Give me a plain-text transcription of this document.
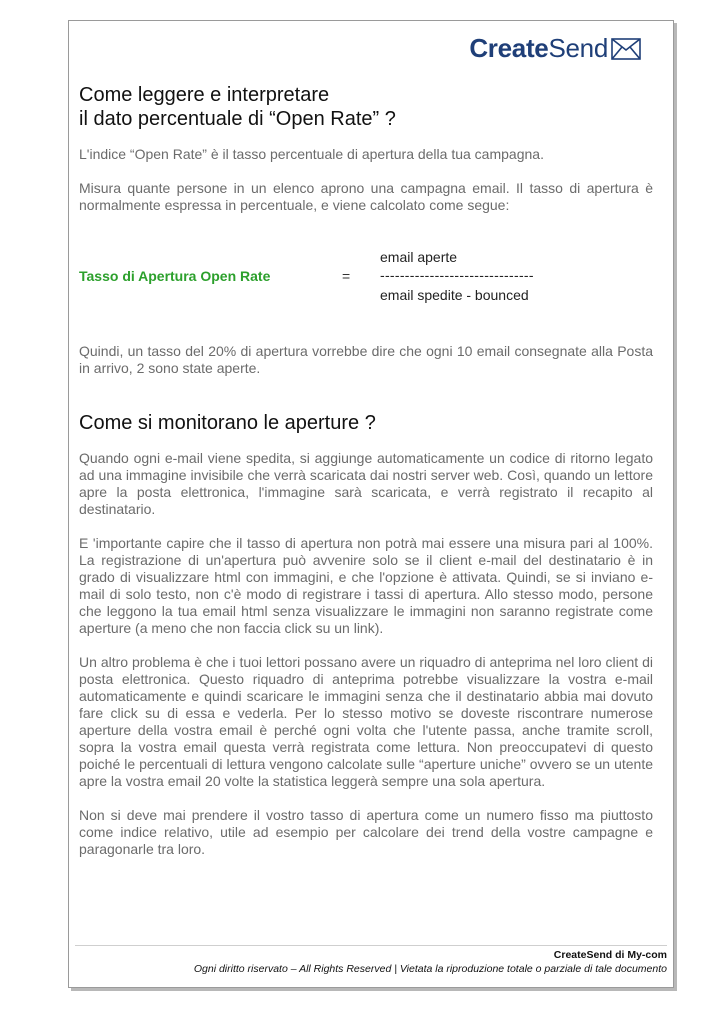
Create Send
Come leggere e interpretare
il dato percentuale di “Open Rate” ?

L'indice “Open Rate” è il tasso percentuale di apertura della tua campagna.

Misura quante persone in un elenco aprono una campagna email. Il tasso di apertura è normalmente espressa in percentuale, e viene calcolato come segue:

Tasso di Apertura Open Rate	=
email aperte
-------------------------------
email spedite - bounced

Quindi, un tasso del 20% di apertura vorrebbe dire che ogni 10 email consegnate alla Posta in arrivo, 2 sono state aperte.

Come si monitorano le aperture ?

Quando ogni e-mail viene spedita, si aggiunge automaticamente un codice di ritorno legato ad una immagine invisibile che verrà scaricata dai nostri server web. Così, quando un lettore apre la posta elettronica, l'immagine sarà scaricata, e verrà registrato il recapito al destinatario.

E 'importante capire che il tasso di apertura non potrà mai essere una misura pari al 100%. La registrazione di un'apertura può avvenire solo se il client e-mail del destinatario è in grado di visualizzare html con immagini, e che l'opzione è attivata. Quindi, se si inviano e-mail di solo testo, non c'è modo di registrare i tassi di apertura. Allo stesso modo, persone che leggono la tua email html senza visualizzare le immagini non saranno registrate come aperture (a meno che non faccia click su un link).

Un altro problema è che i tuoi lettori possano avere un riquadro di anteprima nel loro client di posta elettronica. Questo riquadro di anteprima potrebbe visualizzare la vostra e-mail automaticamente e quindi scaricare le immagini senza che il destinatario abbia mai dovuto fare click su di essa e vederla. Per lo stesso motivo se doveste riscontrare numerose aperture della vostra email è perché ogni volta che l'utente passa, anche tramite scroll, sopra la vostra email questa verrà registrata come lettura. Non preoccupatevi di questo poiché le percentuali di lettura vengono calcolate sulle “aperture uniche” ovvero se un utente apre la vostra email 20 volte la statistica leggerà sempre una sola apertura.

Non si deve mai prendere il vostro tasso di apertura come un numero fisso ma piuttosto come indice relativo, utile ad esempio per calcolare dei trend della vostre campagne e paragonarle tra loro.

CreateSend di My-com
Ogni diritto riservato – All Rights Reserved | Vietata la riproduzione totale o parziale di tale documento
